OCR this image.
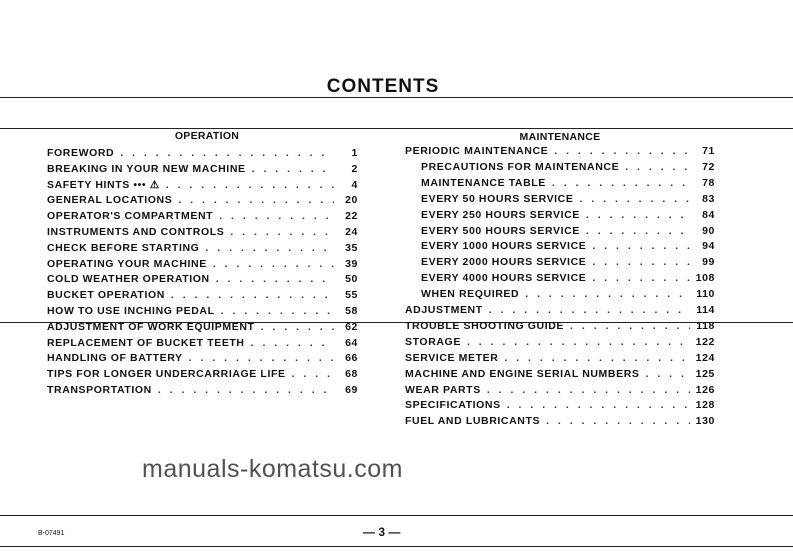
CONTENTS
OPERATION	MAINTENANCE
FOREWORD . . .	1
BREAKING IN YOUR NEW MACHINE . . .	2
SAFETY HINTS ••• ⚠ . . .	4
GENERAL LOCATIONS . . .	20
OPERATOR'S COMPARTMENT . . .	22
INSTRUMENTS AND CONTROLS . . .	24
CHECK BEFORE STARTING . . .	35
OPERATING YOUR MACHINE . . .	39
COLD WEATHER OPERATION . . .	50
BUCKET OPERATION . . .	55
HOW TO USE INCHING PEDAL . . .	58
ADJUSTMENT OF WORK EQUIPMENT . . .	62
REPLACEMENT OF BUCKET TEETH . . .	64
HANDLING OF BATTERY . . .	66
TIPS FOR LONGER UNDERCARRIAGE LIFE . . .	68
TRANSPORTATION . . .	69
PERIODIC MAINTENANCE . . .	71
PRECAUTIONS FOR MAINTENANCE . . .	72
MAINTENANCE TABLE . . .	78
EVERY 50 HOURS SERVICE . . .	83
EVERY 250 HOURS SERVICE . . .	84
EVERY 500 HOURS SERVICE . . .	90
EVERY 1000 HOURS SERVICE . . .	94
EVERY 2000 HOURS SERVICE . . .	99
EVERY 4000 HOURS SERVICE . . .	108
WHEN REQUIRED . . .	110
ADJUSTMENT . . .	114
TROUBLE SHOOTING GUIDE . . .	118
STORAGE . . .	122
SERVICE METER . . .	124
MACHINE AND ENGINE SERIAL NUMBERS . . .	125
WEAR PARTS . . .	126
SPECIFICATIONS . . .	128
FUEL AND LUBRICANTS . . .	130
manuals-komatsu.com
B-07491	— 3 —
